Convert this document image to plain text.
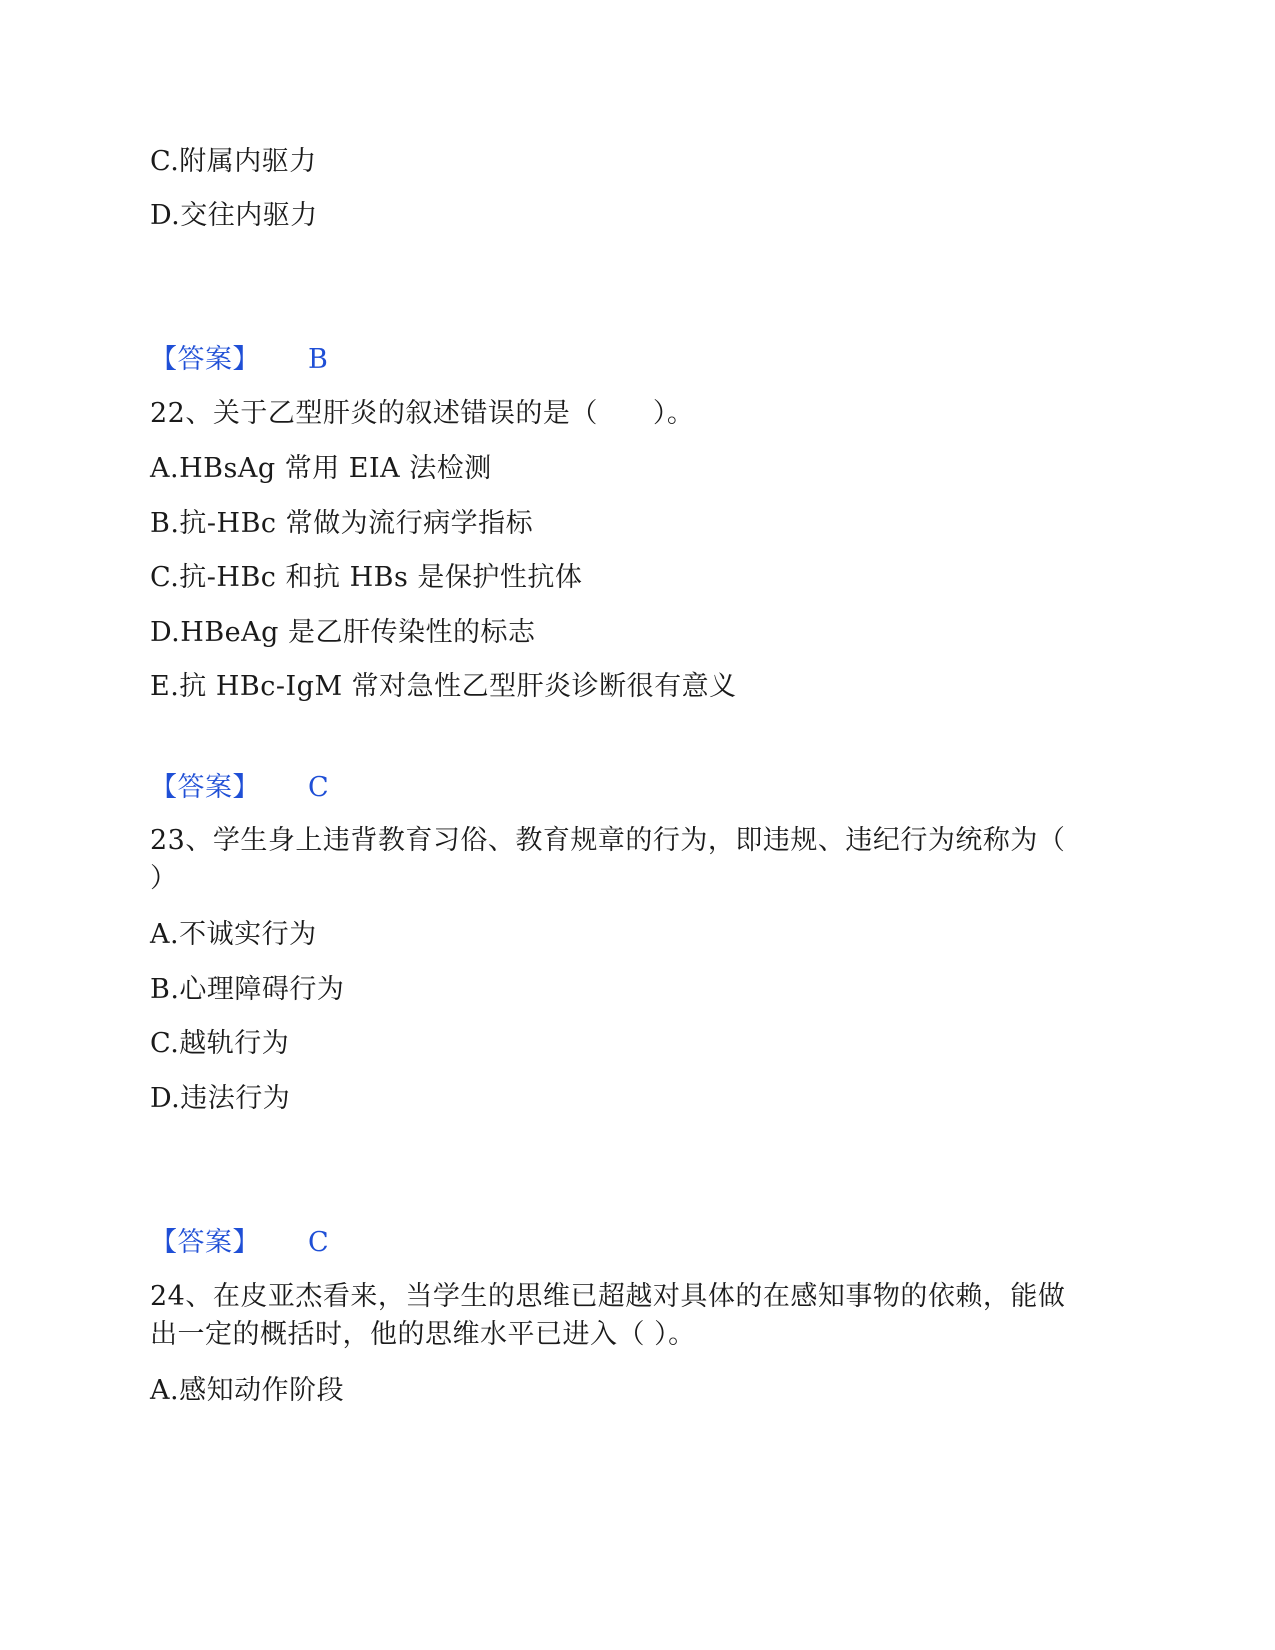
C.附属内驱力
D.交往内驱力
【答案】 B
22、关于乙型肝炎的叙述错误的是（　　）。
A.HBsAg 常用 EIA 法检测
B.抗-HBc 常做为流行病学指标
C.抗-HBc 和抗 HBs 是保护性抗体
D.HBeAg 是乙肝传染性的标志
E.抗 HBc-IgM 常对急性乙型肝炎诊断很有意义
【答案】 C
23、学生身上违背教育习俗、教育规章的行为，即违规、违纪行为统称为（
）
A.不诚实行为
B.心理障碍行为
C.越轨行为
D.违法行为
【答案】 C
24、在皮亚杰看来，当学生的思维已超越对具体的在感知事物的依赖，能做
出一定的概括时，他的思维水平已进入（ ）。
A.感知动作阶段
